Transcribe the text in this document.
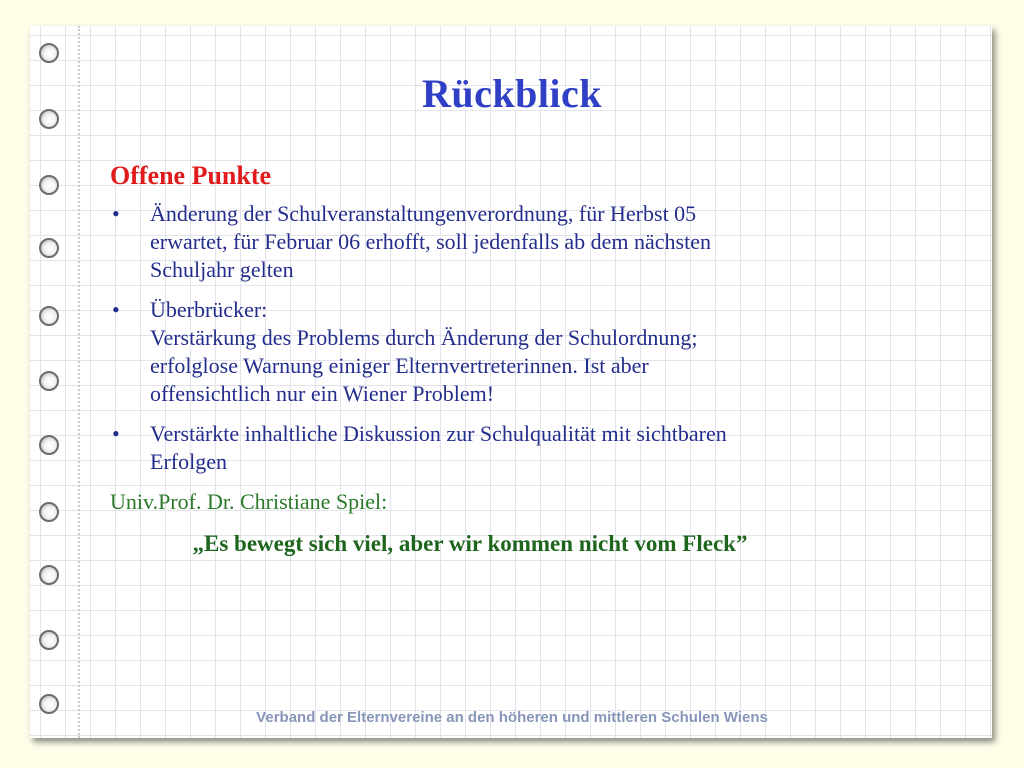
Rückblick
Offene Punkte
• Änderung der Schulveranstaltungenverordnung, für Herbst 05
erwartet, für Februar 06 erhofft, soll jedenfalls ab dem nächsten
Schuljahr gelten
• Überbrücker:
Verstärkung des Problems durch Änderung der Schulordnung;
erfolglose Warnung einiger Elternvertreterinnen. Ist aber
offensichtlich nur ein Wiener Problem!
• Verstärkte inhaltliche Diskussion zur Schulqualität mit sichtbaren
Erfolgen
Univ.Prof. Dr. Christiane Spiel:
„Es bewegt sich viel, aber wir kommen nicht vom Fleck”
Verband der Elternvereine an den höheren und mittleren Schulen Wiens
